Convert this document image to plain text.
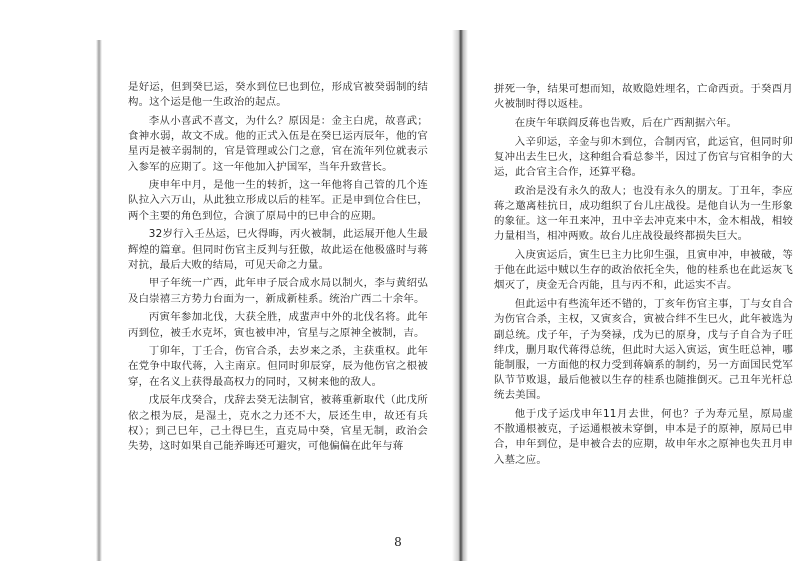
是好运，但到癸巳运，癸水到位巳也到位，形成官被癸弱制的结构。这个运是他一生政治的起点。

李从小喜武不喜文，为什么？原因是：金主白虎，故喜武；食神水弱，故文不成。他的正式入伍是在癸巳运丙辰年，他的官星丙是被辛弱制的，官是管理或公门之意，官在流年列位就表示入参军的应期了。这一年他加入护国军，当年升致营长。

庚申年中月，是他一生的转折，这一年他将自己管的几个连队拉入六万山，从此独立形成以后的桂军。正是申到位合住巳，两个主要的角色到位，合演了原局中的巳申合的应期。

32岁行入壬丛运，巳火得晦，丙火被制，此运展开他人生最辉煌的篇章。但同时伤官主反判与狂傲，故此运在他极盛时与蒋对抗，最后大败的结局，可见天命之力量。

甲子年统一广西，此年申子辰合成水局以制火，李与黄绍弘及白崇禧三方势力台面为一，新成新桂系。统治广西二十余年。

丙寅年参加北伐，大获全胜，成蜚声中外的北伐名将。此年丙到位，被壬水克坏，寅也被申冲，官星与之原神全被制，吉。

丁卯年，丁壬合，伤官合杀，去岁来之杀，主获重权。此年在党争中取代蒋，入主南京。但同时卯辰穿，辰为他伤官之根被穿，在名义上获得最高权力的同时，又树来他的敌人。

戊辰年戊癸合，戊辞去癸无法制官，被蒋重新取代（此戊所依之根为辰，是湿土，克水之力还不大，辰还生申，故还有兵权）；到己巳年，己土得巳生，直克局中癸，官星无制，政治会失势，这时如果自己能养晦还可避灾，可他偏偏在此年与蒋

拼死一争，结果可想而知，故败隐姓埋名，亡命西贡。于癸酉月火被制时得以返桂。

在庚午年联阎反蒋也告败，后在广西割据六年。

入辛卯运，辛金与卯木到位，合制丙官，此运官，但同时卯复冲出去生巳火，这种组合看总参半，因过了伤官与官相争的大运，此合官主合作，还算平稳。

政治是没有永久的敌人；也没有永久的朋友。丁丑年，李应蒋之邀离桂抗日，成功组织了台儿庄战役。是他自认为一生形象的象征。这一年丑来冲，丑中辛去冲克来中木，金木相战，相较力量相当，相冲两败。故台儿庄战役最终都损失巨大。

入庚寅运后，寅生巳主力比卯生强，且寅申冲，申被破，等于他在此运中贼以生存的政治依托全失，他的桂系也在此运灰飞烟灭了，庚金无合丙能，且与丙不和，此运实不吉。

但此运中有些流年还不错的，丁亥年伤官主事，丁与女自合为伤官合杀，主权，又寅亥合，寅被合绊不生巳火，此年被选为副总统。戊子年，子为癸禄，戊为已的原身，戊与子自合为子旺绊戊，删月取代蒋得总统，但此时大运入寅运，寅生旺总神，哪能制服，一方面他的权力受到蒋嫡系的制约，另一方面国民党军队节节败退，最后他被以生存的桂系也随推倒灭。己丑年光杆总统去美国。

他于戊子运戊申年11月去世，何也？子为寿元星，原局虚不散通根被克，子运通根被未穿倒，申本是子的原神，原局已申合，申年到位，是申被合去的应期，故申年水之原神也失丑月申入墓之应。

8
